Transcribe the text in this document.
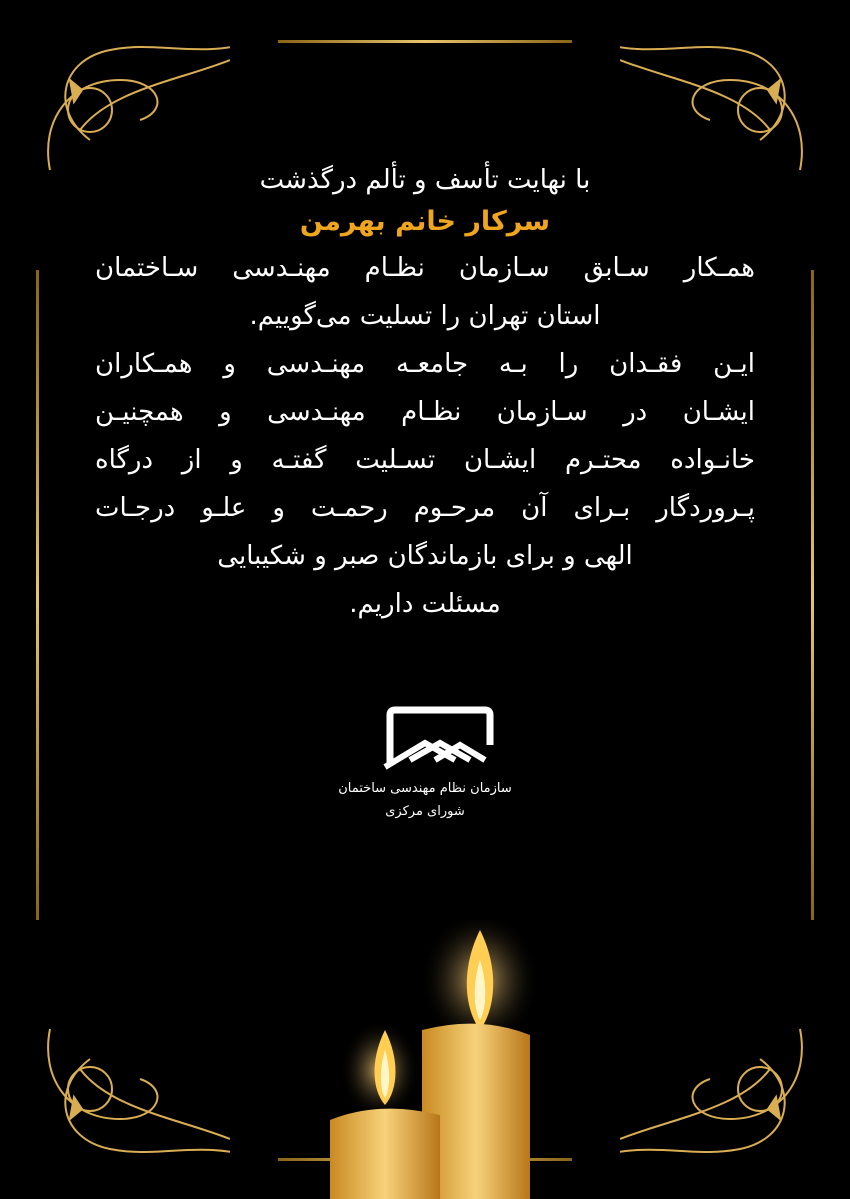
با نهایت تأسف و تألم درگذشت

سرکار خانم بهرمن

همـکار سـابق سـازمان نظـام مهنـدسی سـاختمان

استان تهران را تسلیت می‌گوییم.

ایـن فقـدان را بـه جامعـه مهنـدسی و همـکاران

ایشـان در سـازمان نظـام مهنـدسی و همچنیـن

خانـواده محتـرم ایشـان تسـلیت گفتـه و از درگاه

پـروردگار بـرای آن مرحـوم رحمـت و علـو درجـات

الهی و برای بازماندگان صبر و شکیبایی

مسئلت داریم.

سازمان نظام مهندسی ساختمان
شورای مرکزی
